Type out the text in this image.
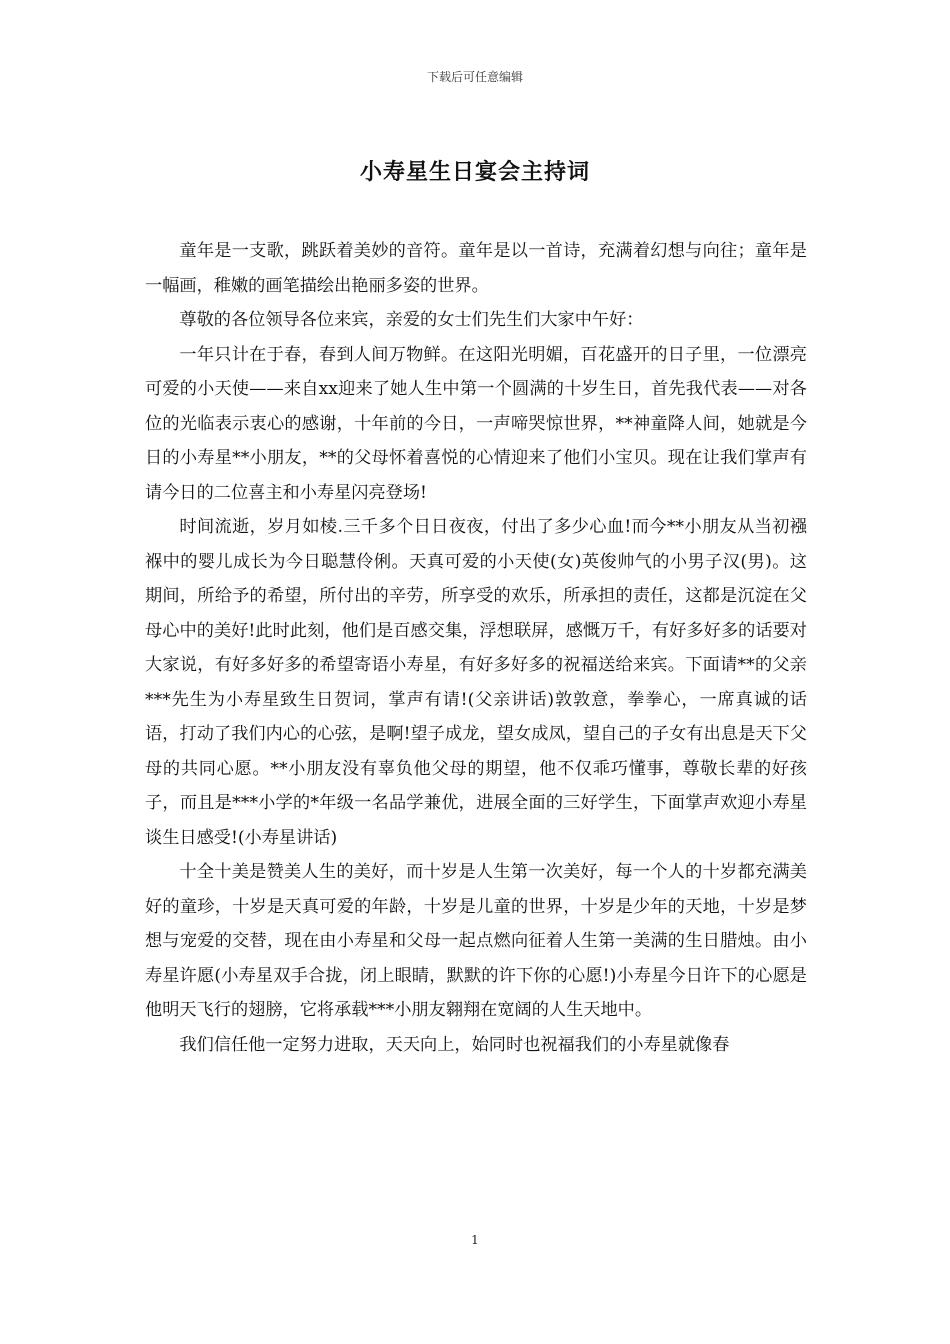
下载后可任意编辑
小寿星生日宴会主持词

童年是一支歌，跳跃着美妙的音符。童年是以一首诗，充满着幻想与向往；童年是一幅画，稚嫩的画笔描绘出艳丽多姿的世界。

尊敬的各位领导各位来宾，亲爱的女士们先生们大家中午好：

一年只计在于春，春到人间万物鲜。在这阳光明媚，百花盛开的日子里，一位漂亮可爱的小天使——来自xx迎来了她人生中第一个圆满的十岁生日，首先我代表——对各位的光临表示衷心的感谢，十年前的今日，一声啼哭惊世界，**神童降人间，她就是今日的小寿星**小朋友，**的父母怀着喜悦的心情迎来了他们小宝贝。现在让我们掌声有请今日的二位喜主和小寿星闪亮登场!

时间流逝，岁月如棱.三千多个日日夜夜，付出了多少心血!而今**小朋友从当初襁褓中的婴儿成长为今日聪慧伶俐。天真可爱的小天使(女)英俊帅气的小男子汉(男)。这期间，所给予的希望，所付出的辛劳，所享受的欢乐，所承担的责任，这都是沉淀在父母心中的美好!此时此刻，他们是百感交集，浮想联屏，感慨万千，有好多好多的话要对大家说，有好多好多的希望寄语小寿星，有好多好多的祝福送给来宾。下面请**的父亲***先生为小寿星致生日贺词，掌声有请!(父亲讲话)敦敦意，拳拳心，一席真诚的话语，打动了我们内心的心弦，是啊!望子成龙，望女成凤，望自己的子女有出息是天下父母的共同心愿。**小朋友没有辜负他父母的期望，他不仅乖巧懂事，尊敬长辈的好孩子，而且是***小学的*年级一名品学兼优，进展全面的三好学生，下面掌声欢迎小寿星谈生日感受!(小寿星讲话)

十全十美是赞美人生的美好，而十岁是人生第一次美好，每一个人的十岁都充满美好的童珍，十岁是天真可爱的年龄，十岁是儿童的世界，十岁是少年的天地，十岁是梦想与宠爱的交替，现在由小寿星和父母一起点燃向征着人生第一美满的生日腊烛。由小寿星许愿(小寿星双手合拢，闭上眼睛，默默的许下你的心愿!)小寿星今日许下的心愿是他明天飞行的翅膀，它将承载***小朋友翱翔在宽阔的人生天地中。

我们信任他一定努力进取，天天向上，始同时也祝福我们的小寿星就像春

1
